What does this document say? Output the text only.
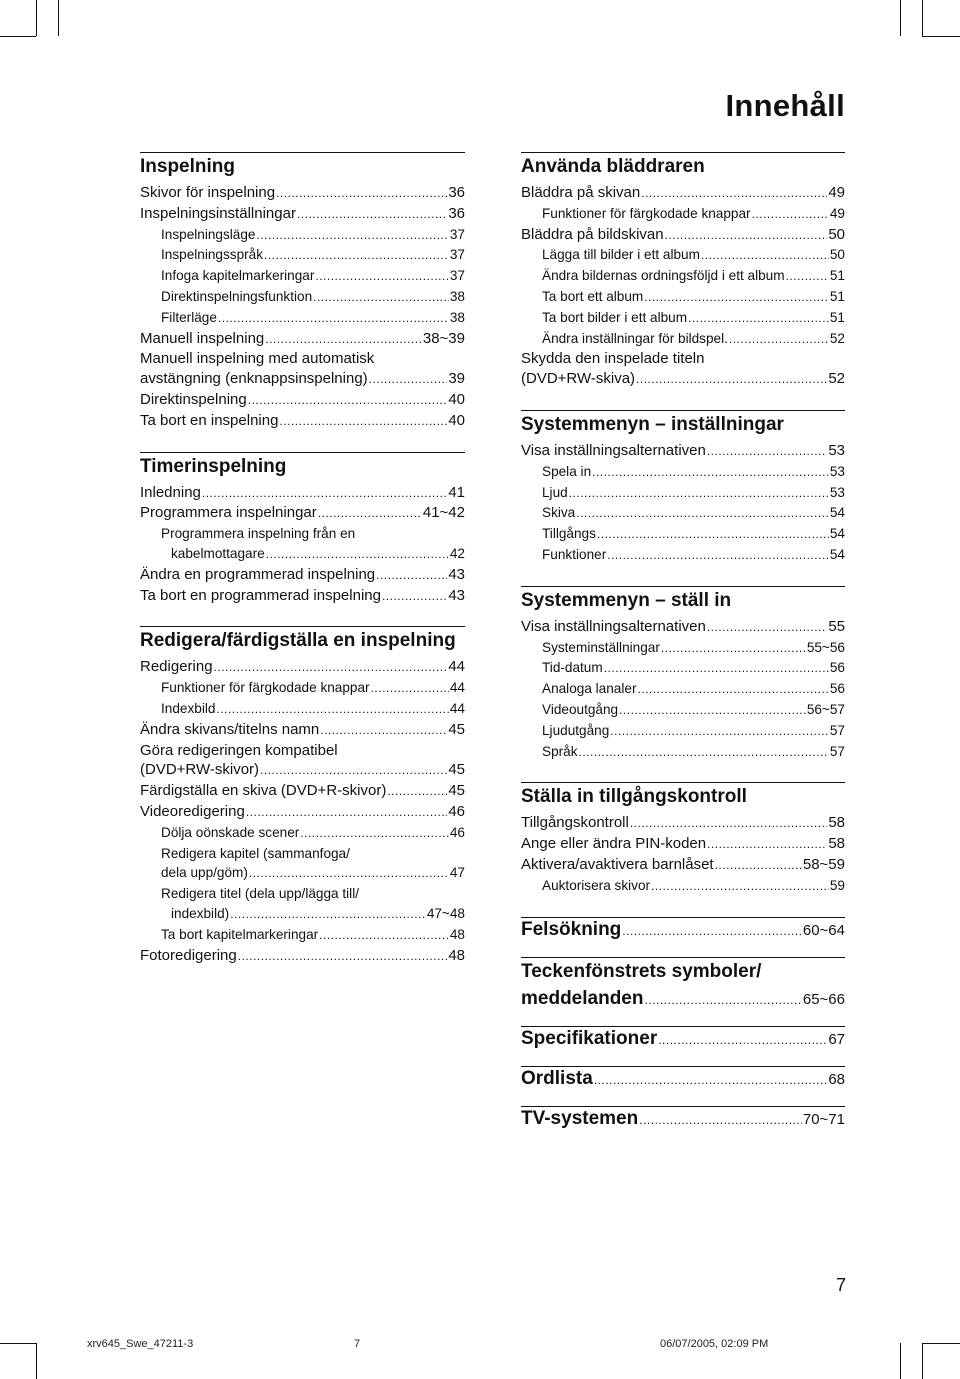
Innehåll
Inspelning
Skivor för inspelning .....	36
Inspelningsinställningar .....	36
Inspelningsläge .....	37
Inspelningsspråk .....	37
Infoga kapitelmarkeringar .....	37
Direktinspelningsfunktion .....	38
Filterläge .....	38
Manuell inspelning .....	38~39
Manuell inspelning med automatisk
avstängning (enknappsinspelning) .....	39
Direktinspelning .....	40
Ta bort en inspelning .....	40
Timerinspelning
Inledning .....	41
Programmera inspelningar .....	41~42
Programmera inspelning från en
kabelmottagare .....	42
Ändra en programmerad inspelning .....	43
Ta bort en programmerad inspelning .....	43
Redigera/färdigställa en inspelning
Redigering .....	44
Funktioner för färgkodade knappar .....	44
Indexbild .....	44
Ändra skivans/titelns namn .....	45
Göra redigeringen kompatibel
(DVD+RW-skivor) .....	45
Färdigställa en skiva (DVD+R-skivor) .....	45
Videoredigering .....	46
Dölja oönskade scener .....	46
Redigera kapitel (sammanfoga/
dela upp/göm) .....	47
Redigera titel (dela upp/lägga till/
indexbild) .....	47~48
Ta bort kapitelmarkeringar .....	48
Fotoredigering .....	48
Använda bläddraren
Bläddra på skivan .....	49
Funktioner för färgkodade knappar .....	49
Bläddra på bildskivan .....	50
Lägga till bilder i ett album .....	50
Ändra bildernas ordningsföljd i ett album .....	51
Ta bort ett album .....	51
Ta bort bilder i ett album .....	51
Ändra inställningar för bildspel. .....	52
Skydda den inspelade titeln
(DVD+RW-skiva) .....	52
Systemmenyn – inställningar
Visa inställningsalternativen .....	53
Spela in .....	53
Ljud .....	53
Skiva .....	54
Tillgångs .....	54
Funktioner .....	54
Systemmenyn – ställ in
Visa inställningsalternativen .....	55
Systeminställningar .....	55~56
Tid-datum .....	56
Analoga lanaler .....	56
Videoutgång .....	56~57
Ljudutgång .....	57
Språk .....	57
Ställa in tillgångskontroll
Tillgångskontroll .....	58
Ange eller ändra PIN-koden .....	58
Aktivera/avaktivera barnlåset .....	58~59
Auktorisera skivor .....	59
Felsökning .....	60~64
Teckenfönstrets symboler/
meddelanden .....	65~66
Specifikationer .....	67
Ordlista .....	68
TV-systemen .....	70~71
7
xrv645_Swe_47211-3	7	06/07/2005, 02:09 PM
